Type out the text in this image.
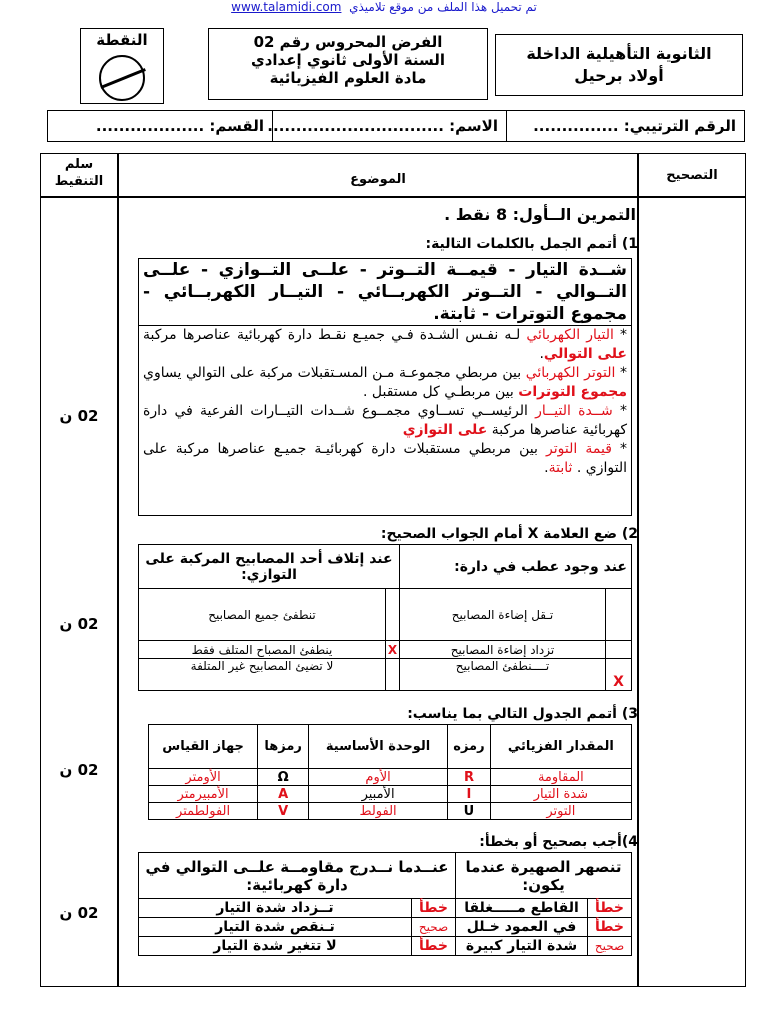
www.talamidi.com تم تحميل هذا الملف من موقع تلاميذي
النقطة	الفرض المحروس رقم 02
السنة الأولى ثانوي إعدادي
مادة العلوم الفيزيائية
الثانوية التأهيلية الداخلة
أولاد برحيل
الرقم الترتيبي: ...............
الاسم: ...............................
القسم: ...................
التصحيح
الموضوع
سلم التنقيط
02 ن
02 ن
02 ن
02 ن
التمرين الــأول: 8 نقط .
1) أتمم الجمل بالكلمات التالية:
شــدة التيار - قيمــة التــوتر - علــى التــوازي - علــى التــوالي - التــوتر الكهربــائي - التيــار الكهربــائي - مجموع التوترات - ثابتة.
* التيار الكهربائي لـه نفـس الشـدة فـي جميـع نقـط دارة كهربائية عناصرها مركبة على التوالي.
* التوتر الكهربائي بين مربطي مجموعـة مـن المسـتقبلات مركبة على التوالي يساوي مجموع التوترات بين مربطـي كل مستقبل .
* شــدة التيــار الرئيســي تســاوي مجمــوع شــدات التيــارات الفرعية في دارة كهربائية عناصرها مركبة على التوازي
* قيمة التوتر بين مربطي مستقبلات دارة كهربائيـة جميـع عناصرها مركبة على التوازي . ثابتة.
2) ضع العلامة X أمام الجواب الصحيح:
عند وجود عطب في دارة:		عند إتلاف أحد المصابيح المركبة على التوازي:	
	تـقل إضاءة المصابيح		تنطفئ جميع المصابيح
	تزداد إضاءة المصابيح	X	ينطفئ المصباح المتلف فقط
X	تــــنطفئ المصابيح		لا تضيئ المصابيح غير المتلفة
3) أتمم الجدول التالي بما يناسب:
المقدار الفزيائي	رمزه	الوحدة الأساسية	رمزها	جهاز القياس
المقاومة	R	الأوم	Ω	الأومتر
شدة التيار	I	الأمبير	A	الأمبيرمتر
التوتر	U	الفولط	V	الفولطمتر
4)أجب بصحيح أو بخطأ:
تنصهر الصهيرة عندما يكون:		عنــدما نــدرج مقاومــة علــى التوالي في دارة كهربائية:	
خطأ	القاطع مـــــغلقا	خطأ	تــزداد شدة التيار
خطأ	في العمود خـلل	صحيح	تـنقص شدة التيار
صحيح	شدة التيار كبيرة	خطأ	لا تتغير شدة التيار
